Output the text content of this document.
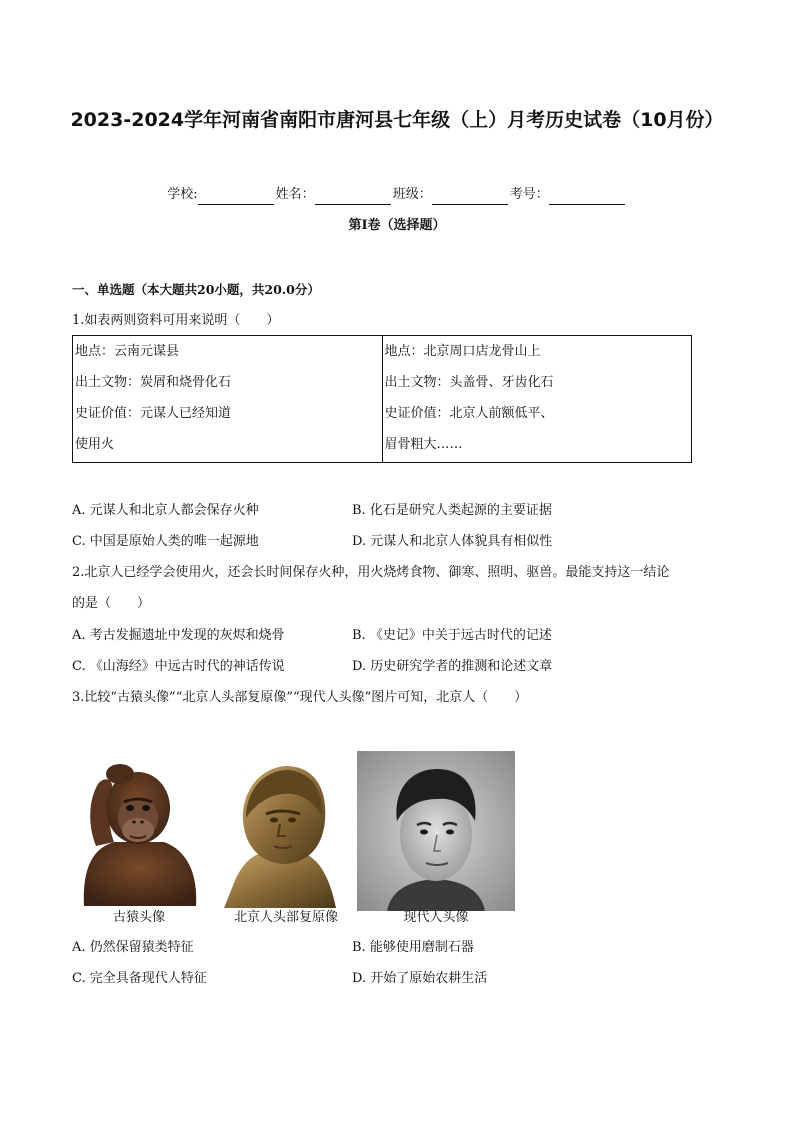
2023-2024学年河南省南阳市唐河县七年级（上）月考历史试卷（10月份）
学校:	姓名：	班级：	考号：
第I卷（选择题）
一、单选题（本大题共20小题，共20.0分）
1.如表两则资料可用来说明（　　）
地点：云南元谋县
出土文物：炭屑和烧骨化石
史证价值：元谋人已经知道
使用火

地点：北京周口店龙骨山上
出土文物：头盖骨、牙齿化石
史证价值：北京人前额低平、
眉骨粗大……
A. 元谋人和北京人都会保存火种	B. 化石是研究人类起源的主要证据
C. 中国是原始人类的唯一起源地	D. 元谋人和北京人体貌具有相似性
2.北京人已经学会使用火，还会长时间保存火种，用火烧烤食物、御寒、照明、驱兽。最能支持这一结论
的是（　　）
A. 考古发掘遗址中发现的灰烬和烧骨	B. 《史记》中关于远古时代的记述
C. 《山海经》中远古时代的神话传说	D. 历史研究学者的推测和论述文章
3.比较“古猿头像”“北京人头部复原像”“现代人头像”图片可知，北京人（　　）
古猿头像	北京人头部复原像	现代人头像
A. 仍然保留猿类特征	B. 能够使用磨制石器
C. 完全具备现代人特征	D. 开始了原始农耕生活
